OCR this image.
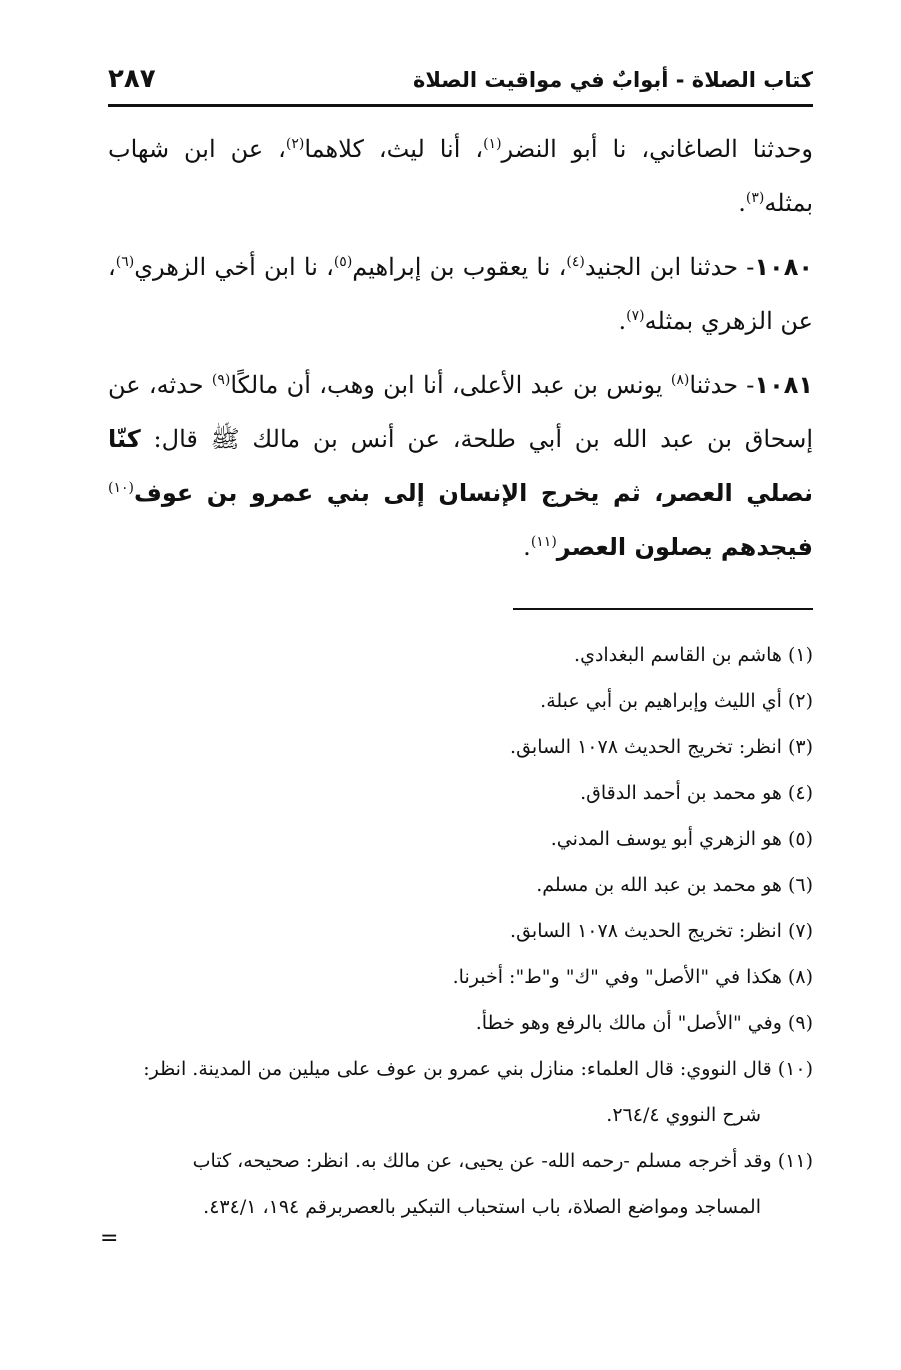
كتاب الصلاة - أبوابٌ في مواقيت الصلاة
٢٨٧

وحدثنا الصاغاني، نا أبو النضر$^{(١)}$، أنا ليث، كلاهما$^{(٢)}$، عن ابن شهاب بمثله$^{(٣)}$.

١٠٨٠- حدثنا ابن الجنيد$^{(٤)}$، نا يعقوب بن إبراهيم$^{(٥)}$، نا ابن أخي الزهري$^{(٦)}$، عن الزهري بمثله$^{(٧)}$.

١٠٨١- حدثنا$^{(٨)}$ يونس بن عبد الأعلى، أنا ابن وهب، أن مالكًا$^{(٩)}$ حدثه، عن إسحاق بن عبد الله بن أبي طلحة، عن أنس بن مالك ﷺ قال: كنّا نصلي العصر، ثم يخرج الإنسان إلى بني عمرو بن عوف$^{(١٠)}$ فيجدهم يصلون العصر$^{(١١)}$.

(١) هاشم بن القاسم البغدادي.

(٢) أي الليث وإبراهيم بن أبي عبلة.

(٣) انظر: تخريج الحديث ١٠٧٨ السابق.

(٤) هو محمد بن أحمد الدقاق.

(٥) هو الزهري أبو يوسف المدني.

(٦) هو محمد بن عبد الله بن مسلم.

(٧) انظر: تخريج الحديث ١٠٧٨ السابق.

(٨) هكذا في "الأصل" وفي "ك" و"ط": أخبرنا.

(٩) وفي "الأصل" أن مالك بالرفع وهو خطأ.

(١٠) قال النووي: قال العلماء: منازل بني عمرو بن عوف على ميلين من المدينة. انظر:
شرح النووي ٢٦٤/٤.

(١١) وقد أخرجه مسلم -رحمه الله- عن يحيى، عن مالك به. انظر: صحيحه، كتاب
المساجد ومواضع الصلاة، باب استحباب التبكير بالعصربرقم ١٩٤، ٤٣٤/١.

=
